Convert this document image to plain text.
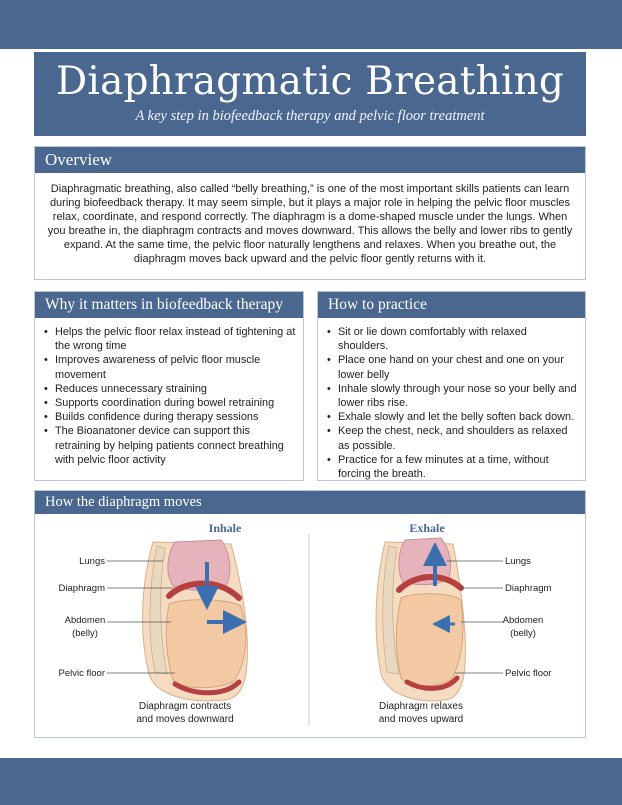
Diaphragmatic Breathing
A key step in biofeedback therapy and pelvic floor treatment
Overview
Diaphragmatic breathing, also called “belly breathing,” is one of the most important skills patients can learn during biofeedback therapy. It may seem simple, but it plays a major role in helping the pelvic floor muscles relax, coordinate, and respond correctly. The diaphragm is a dome-shaped muscle under the lungs. When you breathe in, the diaphragm contracts and moves downward. This allows the belly and lower ribs to gently expand. At the same time, the pelvic floor naturally lengthens and relaxes. When you breathe out, the diaphragm moves back upward and the pelvic floor gently returns with it.
Why it matters in biofeedback therapy
• Helps the pelvic floor relax instead of tightening at the wrong time
• Improves awareness of pelvic floor muscle movement
• Reduces unnecessary straining
• Supports coordination during bowel retraining
• Builds confidence during therapy sessions
• The Bioanatoner device can support this retraining by helping patients connect breathing with pelvic floor activity
How to practice
• Sit or lie down comfortably with relaxed shoulders.
• Place one hand on your chest and one on your lower belly
• Inhale slowly through your nose so your belly and lower ribs rise.
• Exhale slowly and let the belly soften back down.
• Keep the chest, neck, and shoulders as relaxed as possible.
• Practice for a few minutes at a time, without forcing the breath.
How the diaphragm moves
Inhale
Lungs
Diaphragm
Abdomen
(belly)
Pelvic floor
Diaphragm contracts
and moves downward
Exhale
Lungs
Diaphragm
Abdomen
(belly)
Pelvic floor
Diaphragm relaxes
and moves upward
